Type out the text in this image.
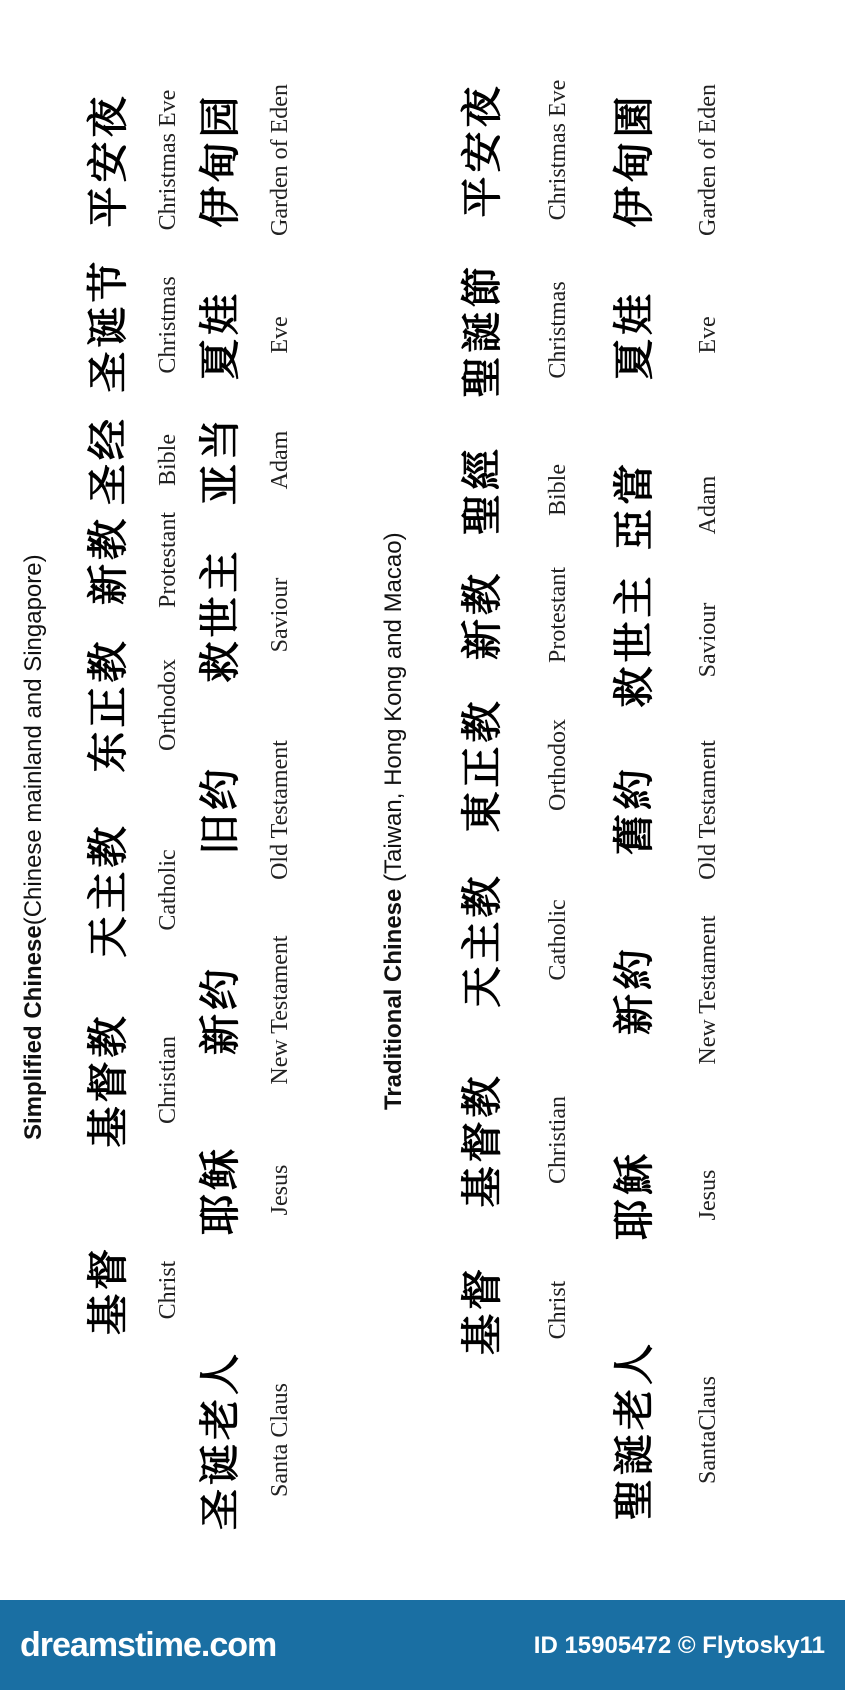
Simplified Chinese(Chinese mainland and Singapore)
基督 Christ
基督教 Christian
天主教 Catholic
东正教 Orthodox
新教 Protestant
圣经 Bible
圣诞节 Christmas
平安夜 Christmas Eve
圣诞老人 Santa Claus
耶稣 Jesus
新约 New Testament
旧约 Old Testament
救世主 Saviour
亚当 Adam
夏娃 Eve
伊甸园 Garden of Eden
Traditional Chinese (Taiwan, Hong Kong and Macao)
基督 Christ
基督教 Christian
天主教 Catholic
東正教 Orthodox
新教 Protestant
聖經 Bible
聖誕節 Christmas
平安夜 Christmas Eve
聖誕老人 SantaClaus
耶穌 Jesus
新約 New Testament
舊約 Old Testament
救世主 Saviour
亞當 Adam
夏娃 Eve
伊甸園 Garden of Eden
dreamstime.com	ID 15905472 © Flytosky11
